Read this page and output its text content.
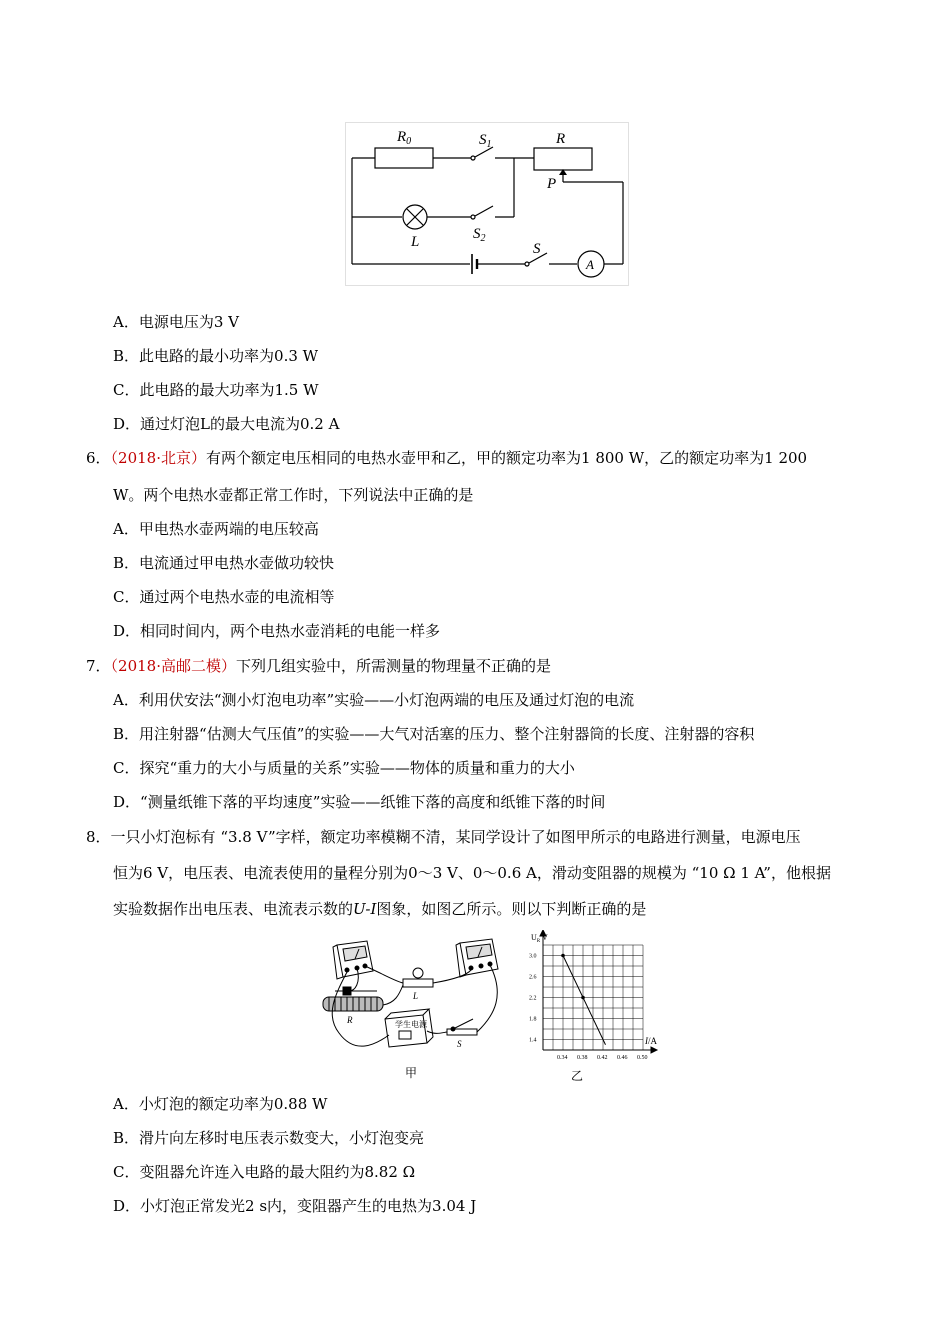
$R_0$	$S_1$	R
P
L	$S_2$
S
A
A．电源电压为3 V
B．此电路的最小功率为0.3 W
C．此电路的最大功率为1.5 W
D．通过灯泡L的最大电流为0.2 A
6．（2018·北京）有两个额定电压相同的电热水壶甲和乙，甲的额定功率为1 800 W，乙的额定功率为1 200
W。两个电热水壶都正常工作时，下列说法中正确的是
A．甲电热水壶两端的电压较高
B．电流通过甲电热水壶做功较快
C．通过两个电热水壶的电流相等
D．相同时间内，两个电热水壶消耗的电能一样多
7．（2018·高邮二模）下列几组实验中，所需测量的物理量不正确的是
A．利用伏安法“测小灯泡电功率”实验——小灯泡两端的电压及通过灯泡的电流
B．用注射器“估测大气压值”的实验——大气对活塞的压力、整个注射器筒的长度、注射器的容积
C．探究“重力的大小与质量的关系”实验——物体的质量和重力的大小
D．“测量纸锥下落的平均速度”实验——纸锥下落的高度和纸锥下落的时间
8．一只小灯泡标有 “3.8 V”字样，额定功率模糊不清，某同学设计了如图甲所示的电路进行测量，电源电压
恒为6 V，电压表、电流表使用的量程分别为0～3 V、0～0.6 A，滑动变阻器的规模为 “10 Ω 1 A”，他根据
实验数据作出电压表、电流表示数的U-I图象，如图乙所示。则以下判断正确的是
R
L
S
学生电源
甲
3.0
2.6
2.2
1.8
1.4
0.34 0.38 0.42 0.46 0.50
$U_R$ V
I/A
乙
A．小灯泡的额定功率为0.88 W
B．滑片向左移时电压表示数变大，小灯泡变亮
C．变阻器允许连入电路的最大阻约为8.82 Ω
D．小灯泡正常发光2 s内，变阻器产生的电热为3.04 J
